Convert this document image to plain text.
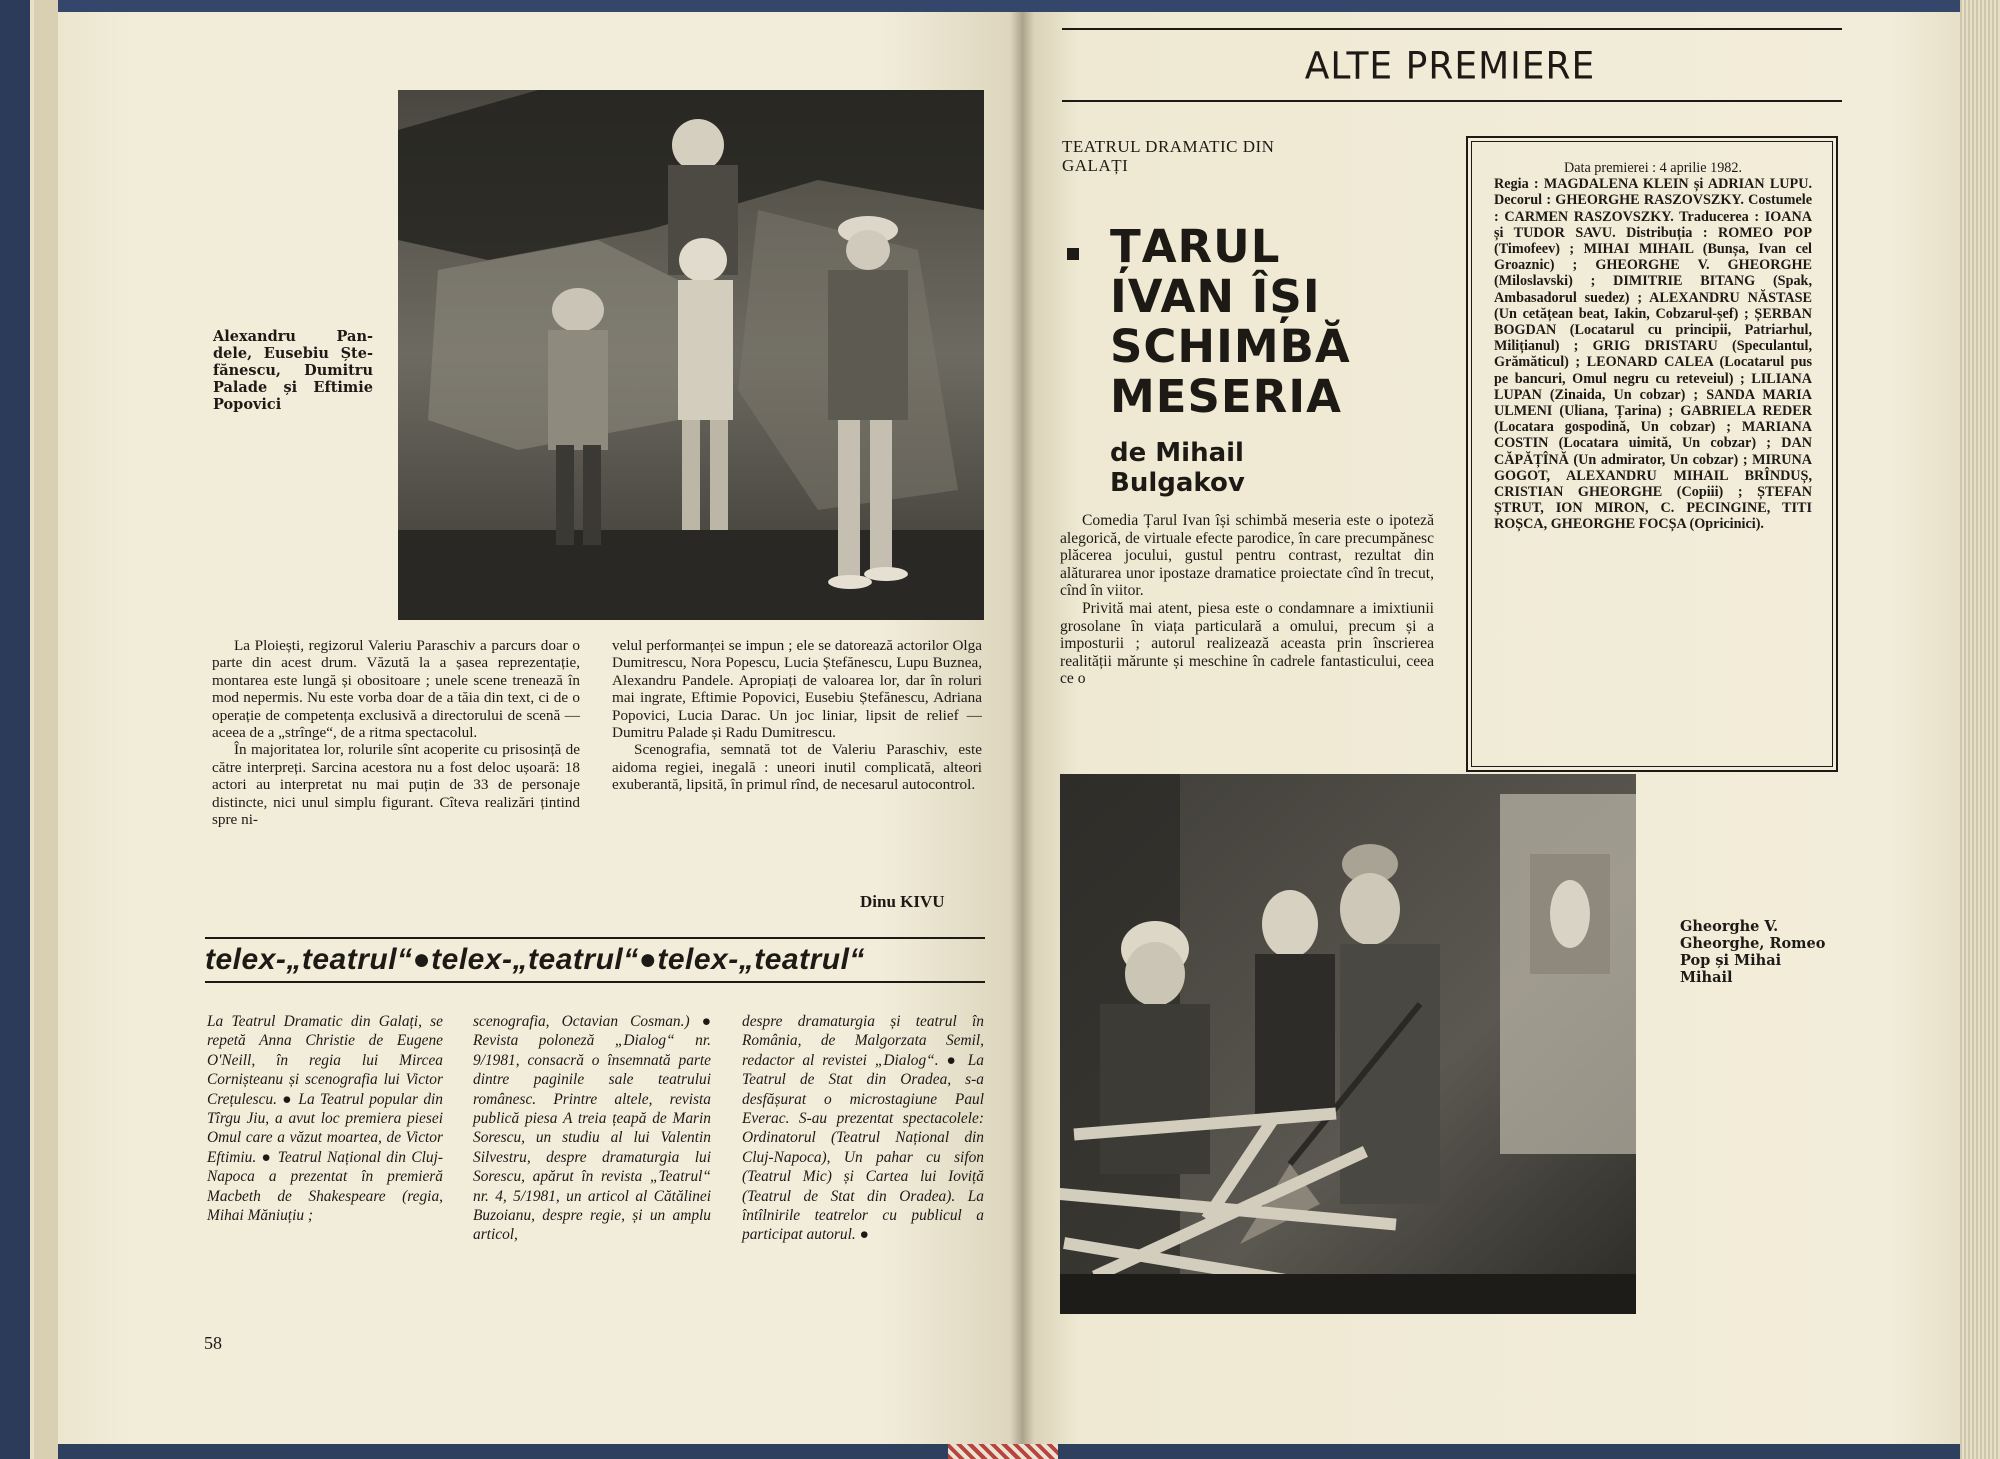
Alexandru Pan-dele, Eusebiu Ște-fănescu, Dumitru Palade și Eftimie Popovici

La Ploiești, regizorul Valeriu Paraschiv a parcurs doar o parte din acest drum. Văzută la a șasea reprezentație, montarea este lungă și obositoare ; unele scene trenează în mod nepermis. Nu este vorba doar de a tăia din text, ci de o operație de competența exclusivă a directorului de scenă — aceea de a „strînge“, de a ritma spectacolul.

În majoritatea lor, rolurile sînt acoperite cu prisosință de către interpreți. Sarcina acestora nu a fost deloc ușoară: 18 actori au interpretat nu mai puțin de 33 de personaje distincte, nici unul simplu figurant. Cîteva realizări țintind spre ni-

velul performanței se impun ; ele se datorează actorilor Olga Dumitrescu, Nora Popescu, Lucia Ștefănescu, Lupu Buznea, Alexandru Pandele. Apropiați de valoarea lor, dar în roluri mai ingrate, Eftimie Popovici, Eusebiu Ștefănescu, Adriana Popovici, Lucia Darac. Un joc liniar, lipsit de relief — Dumitru Palade și Radu Dumitrescu.

Scenografia, semnată tot de Valeriu Paraschiv, este aidoma regiei, inegală : uneori inutil complicată, alteori exuberantă, lipsită, în primul rînd, de necesarul autocontrol.

Dinu KIVU
telex-„teatrul“●telex-„teatrul“●telex-„teatrul“
La Teatrul Dramatic din Galați, se repetă Anna Christie de Eugene O'Neill, în regia lui Mircea Cornișteanu și scenografia lui Victor Crețulescu. ● La Teatrul popular din Tîrgu Jiu, a avut loc premiera piesei Omul care a văzut moartea, de Victor Eftimiu. ● Teatrul Național din Cluj-Napoca a prezentat în premieră Macbeth de Shakespeare (regia, Mihai Măniuțiu ;
scenografia, Octavian Cosman.) ● Revista poloneză „Dialog“ nr. 9/1981, consacră o însemnată parte dintre paginile sale teatrului românesc. Printre altele, revista publică piesa A treia țeapă de Marin Sorescu, un studiu al lui Valentin Silvestru, despre dramaturgia lui Sorescu, apărut în revista „Teatrul“ nr. 4, 5/1981, un articol al Cătălinei Buzoianu, despre regie, și un amplu articol,
despre dramaturgia și teatrul în România, de Malgorzata Semil, redactor al revistei „Dialog“. ● La Teatrul de Stat din Oradea, s-a desfășurat o microstagiune Paul Everac. S-au prezentat spectacolele: Ordinatorul (Teatrul Național din Cluj-Napoca), Un pahar cu sifon (Teatrul Mic) și Cartea lui Ioviță (Teatrul de Stat din Oradea). La întîlnirile teatrelor cu publicul a participat autorul. ●
58
ALTE PREMIERE
TEATRUL DRAMATIC DIN GALAȚI
ȚARUL IVAN ÎȘI SCHIMBĂ MESERIA
de Mihail Bulgakov

Comedia Țarul Ivan își schimbă meseria este o ipoteză alegorică, de virtuale efecte parodice, în care precumpănesc plăcerea jocului, gustul pentru contrast, rezultat din alăturarea unor ipostaze dramatice proiectate cînd în trecut, cînd în viitor.

Privită mai atent, piesa este o condamnare a imixtiunii grosolane în viața particulară a omului, precum și a imposturii ; autorul realizează aceasta prin înscrierea realității mărunte și meschine în cadrele fantasticului, ceea ce o

Data premierei : 4 aprilie 1982.
Regia : MAGDALENA KLEIN și ADRIAN LUPU. Decorul : GHEORGHE RASZOVSZKY. Costumele : CARMEN RASZOVSZKY. Traducerea : IOANA și TUDOR SAVU. Distribuția : ROMEO POP (Timofeev) ; MIHAI MIHAIL (Bunșa, Ivan cel Groaznic) ; GHEORGHE V. GHEORGHE (Miloslavski) ; DIMITRIE BITANG (Spak, Ambasadorul suedez) ; ALEXANDRU NĂSTASE (Un cetățean beat, Iakin, Cobzarul-șef) ; ȘERBAN BOGDAN (Locatarul cu principii, Patriarhul, Milițianul) ; GRIG DRISTARU (Speculantul, Grămăticul) ; LEONARD CALEA (Locatarul pus pe bancuri, Omul negru cu reteveiul) ; LILIANA LUPAN (Zinaida, Un cobzar) ; SANDA MARIA ULMENI (Uliana, Țarina) ; GABRIELA REDER (Locatara gospodină, Un cobzar) ; MARIANA COSTIN (Locatara uimită, Un cobzar) ; DAN CĂPĂȚÎNĂ (Un admirator, Un cobzar) ; MIRUNA GOGOT, ALEXANDRU MIHAIL BRÎNDUȘ, CRISTIAN GHEORGHE (Copiii) ; ȘTEFAN ȘTRUT, ION MIRON, C. PECINGINE, TITI ROȘCA, GHEORGHE FOCȘA (Opricinici).
Gheorghe V. Gheorghe, Romeo Pop și Mihai Mihail
